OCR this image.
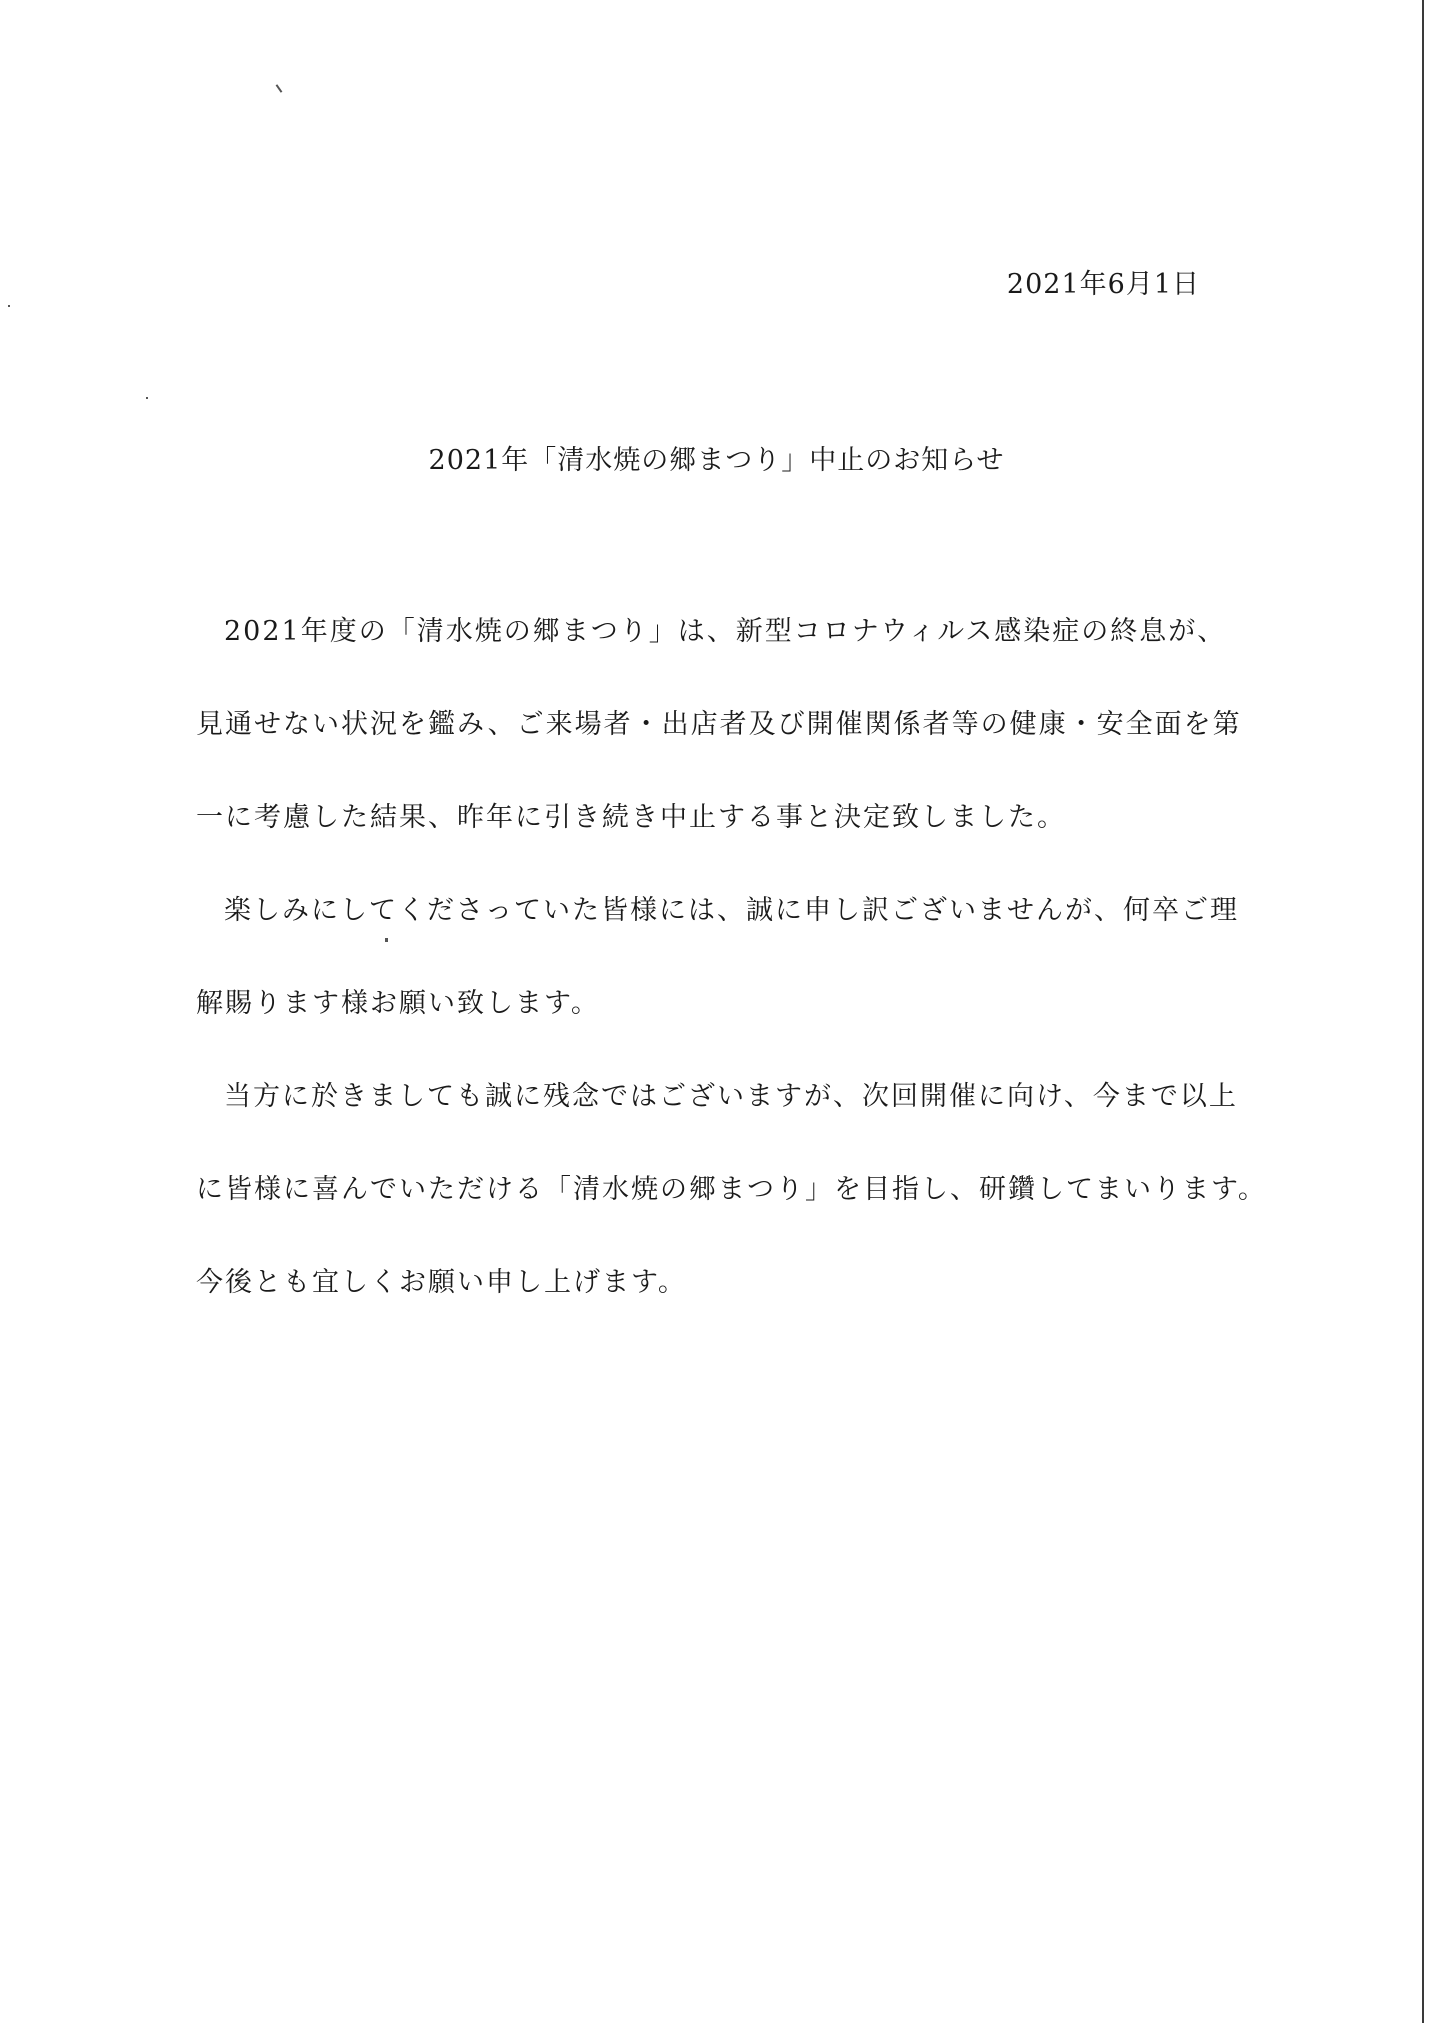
2021年6月1日
2021年「清水焼の郷まつり」中止のお知らせ
2021年度の「清水焼の郷まつり」は、新型コロナウィルス感染症の終息が、
見通せない状況を鑑み、ご来場者・出店者及び開催関係者等の健康・安全面を第
一に考慮した結果、昨年に引き続き中止する事と決定致しました。
楽しみにしてくださっていた皆様には、誠に申し訳ございませんが、何卒ご理
解賜ります様お願い致します。
当方に於きましても誠に残念ではございますが、次回開催に向け、今まで以上
に皆様に喜んでいただける「清水焼の郷まつり」を目指し、研鑽してまいります。
今後とも宜しくお願い申し上げます。
